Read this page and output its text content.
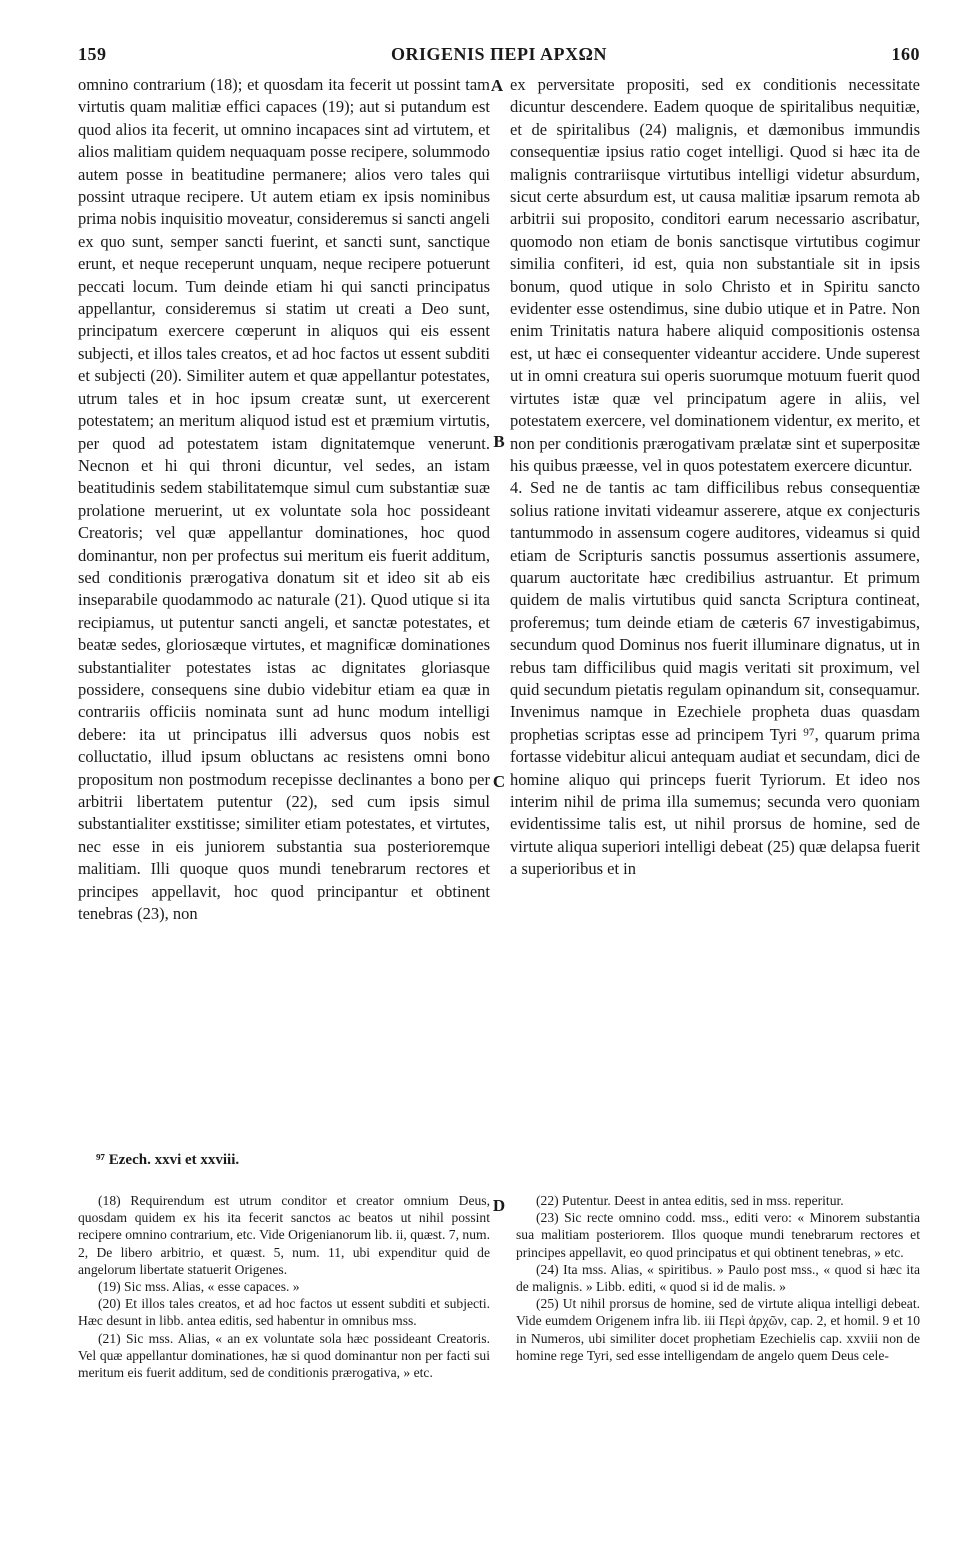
159	ORIGENIS ΠΕΡΙ ΑΡΧΩΝ	160
A
B
C
D

omnino contrarium (18); et quosdam ita fecerit ut possint tam virtutis quam malitiæ effici capaces (19); aut si putandum est quod alios ita fecerit, ut omnino incapaces sint ad virtutem, et alios malitiam quidem nequaquam posse recipere, solummodo autem posse in beatitudine permanere; alios vero tales qui possint utraque recipere. Ut autem etiam ex ipsis nominibus prima nobis inquisitio moveatur, consideremus si sancti angeli ex quo sunt, semper sancti fuerint, et sancti sunt, sanctique erunt, et neque receperunt unquam, neque recipere potuerunt peccati locum. Tum deinde etiam hi qui sancti principatus appellantur, consideremus si statim ut creati a Deo sunt, principatum exercere cœperunt in aliquos qui eis essent subjecti, et illos tales creatos, et ad hoc factos ut essent subditi et subjecti (20). Similiter autem et quæ appellantur potestates, utrum tales et in hoc ipsum creatæ sunt, ut exercerent potestatem; an meritum aliquod istud est et præmium virtutis, per quod ad potestatem istam dignitatemque venerunt. Necnon et hi qui throni dicuntur, vel sedes, an istam beatitudinis sedem stabilitatemque simul cum substantiæ suæ prolatione meruerint, ut ex voluntate sola hoc possideant Creatoris; vel quæ appellantur dominationes, hoc quod dominantur, non per profectus sui meritum eis fuerit additum, sed conditionis prærogativa donatum sit et ideo sit ab eis inseparabile quodammodo ac naturale (21). Quod utique si ita recipiamus, ut putentur sancti angeli, et sanctæ potestates, et beatæ sedes, gloriosæque virtutes, et magnificæ dominationes substantialiter potestates istas ac dignitates gloriasque possidere, consequens sine dubio videbitur etiam ea quæ in contrariis officiis nominata sunt ad hunc modum intelligi debere: ita ut principatus illi adversus quos nobis est colluctatio, illud ipsum obluctans ac resistens omni bono propositum non postmodum recepisse declinantes a bono per arbitrii libertatem putentur (22), sed cum ipsis simul substantialiter exstitisse; similiter etiam potestates, et virtutes, nec esse in eis juniorem substantia sua posterioremque malitiam. Illi quoque quos mundi tenebrarum rectores et principes appellavit, hoc quod principantur et obtinent tenebras (23), non

⁹⁷ Ezech. xxvi et xxviii.

ex perversitate propositi, sed ex conditionis necessitate dicuntur descendere. Eadem quoque de spiritalibus nequitiæ, et de spiritalibus (24) malignis, et dæmonibus immundis consequentiæ ipsius ratio coget intelligi. Quod si hæc ita de malignis contrariisque virtutibus intelligi videtur absurdum, sicut certe absurdum est, ut causa malitiæ ipsarum remota ab arbitrii sui proposito, conditori earum necessario ascribatur, quomodo non etiam de bonis sanctisque virtutibus cogimur similia confiteri, id est, quia non substantiale sit in ipsis bonum, quod utique in solo Christo et in Spiritu sancto evidenter esse ostendimus, sine dubio utique et in Patre. Non enim Trinitatis natura habere aliquid compositionis ostensa est, ut hæc ei consequenter videantur accidere. Unde superest ut in omni creatura sui operis suorumque motuum fuerit quod virtutes istæ quæ vel principatum agere in aliis, vel potestatem exercere, vel dominationem videntur, ex merito, et non per conditionis prærogativam prælatæ sint et superpositæ his quibus præesse, vel in quos potestatem exercere dicuntur.

4. Sed ne de tantis ac tam difficilibus rebus consequentiæ solius ratione invitati videamur asserere, atque ex conjecturis tantummodo in assensum cogere auditores, videamus si quid etiam de Scripturis sanctis possumus assertionis assumere, quarum auctoritate hæc credibilius astruantur. Et primum quidem de malis virtutibus quid sancta Scriptura contineat, proferemus; tum deinde etiam de cæteris 67 investigabimus, secundum quod Dominus nos fuerit illuminare dignatus, ut in rebus tam difficilibus quid magis veritati sit proximum, vel quid secundum pietatis regulam opinandum sit, consequamur. Invenimus namque in Ezechiele propheta duas quasdam prophetias scriptas esse ad principem Tyri ⁹⁷, quarum prima fortasse videbitur alicui antequam audiat et secundam, dici de homine aliquo qui princeps fuerit Tyriorum. Et ideo nos interim nihil de prima illa sumemus; secunda vero quoniam evidentissime talis est, ut nihil prorsus de homine, sed de virtute aliqua superiori intelligi debeat (25) quæ delapsa fuerit a superioribus et in

(18) Requirendum est utrum conditor et creator omnium Deus, quosdam quidem ex his ita fecerit sanctos ac beatos ut nihil possint recipere omnino contrarium, etc. Vide Origenianorum lib. ii, quæst. 7, num. 2, De libero arbitrio, et quæst. 5, num. 11, ubi expenditur quid de angelorum libertate statuerit Origenes.

(19) Sic mss. Alias, « esse capaces. »

(20) Et illos tales creatos, et ad hoc factos ut essent subditi et subjecti. Hæc desunt in libb. antea editis, sed habentur in omnibus mss.

(21) Sic mss. Alias, « an ex voluntate sola hæc possideant Creatoris. Vel quæ appellantur dominationes, hæ si quod dominantur non per facti sui meritum eis fuerit additum, sed de conditionis prærogativa, » etc.

(22) Putentur. Deest in antea editis, sed in mss. reperitur.

(23) Sic recte omnino codd. mss., editi vero: « Minorem substantia sua malitiam posteriorem. Illos quoque mundi tenebrarum rectores et principes appellavit, eo quod principatus et qui obtinent tenebras, » etc.

(24) Ita mss. Alias, « spiritibus. » Paulo post mss., « quod si hæc ita de malignis. » Libb. editi, « quod si id de malis. »

(25) Ut nihil prorsus de homine, sed de virtute aliqua intelligi debeat. Vide eumdem Origenem infra lib. iii Περὶ ἀρχῶν, cap. 2, et homil. 9 et 10 in Numeros, ubi similiter docet prophetiam Ezechielis cap. xxviii non de homine rege Tyri, sed esse intelligendam de angelo quem Deus cele-
